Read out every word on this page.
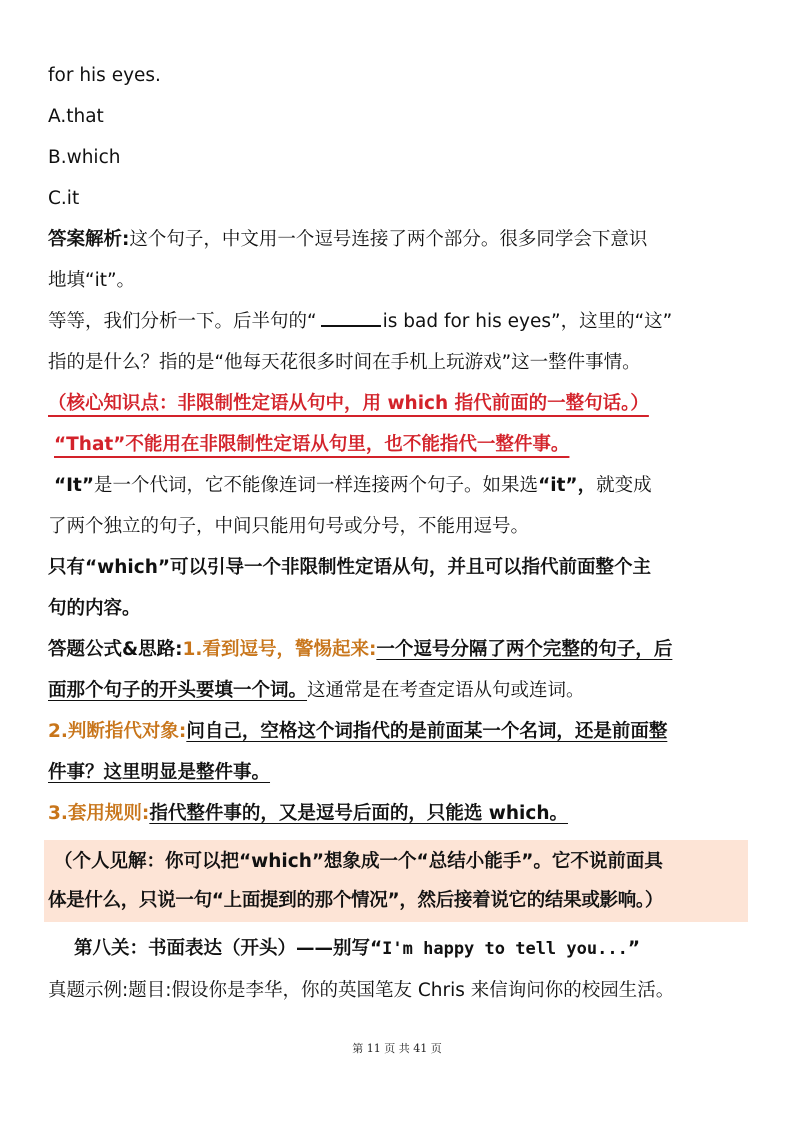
for his eyes.
A.that
B.which
C.it
答案解析:这个句子，中文用一个逗号连接了两个部分。很多同学会下意识
地填“it”。
等等，我们分析一下。后半句的“	is bad for his eyes”，这里的“这”
指的是什么？指的是“他每天花很多时间在手机上玩游戏”这一整件事情。
（核心知识点：非限制性定语从句中，用 which 指代前面的一整句话。）
“That”不能用在非限制性定语从句里，也不能指代一整件事。
“It”是一个代词，它不能像连词一样连接两个句子。如果选“it”，就变成
了两个独立的句子，中间只能用句号或分号，不能用逗号。
只有“which”可以引导一个非限制性定语从句，并且可以指代前面整个主
句的内容。
答题公式&思路:1.看到逗号，警惕起来:一个逗号分隔了两个完整的句子，后
面那个句子的开头要填一个词。这通常是在考查定语从句或连词。
2.判断指代对象:问自己，空格这个词指代的是前面某一个名词，还是前面整
件事？这里明显是整件事。
3.套用规则:指代整件事的，又是逗号后面的，只能选 which。
（个人见解：你可以把“which”想象成一个“总结小能手”。它不说前面具
体是什么，只说一句“上面提到的那个情况”，然后接着说它的结果或影响。）
第八关：书面表达（开头）——别写“I'm happy to tell you...”
真题示例:题目:假设你是李华，你的英国笔友 Chris 来信询问你的校园生活。
第 11 页 共 41 页
